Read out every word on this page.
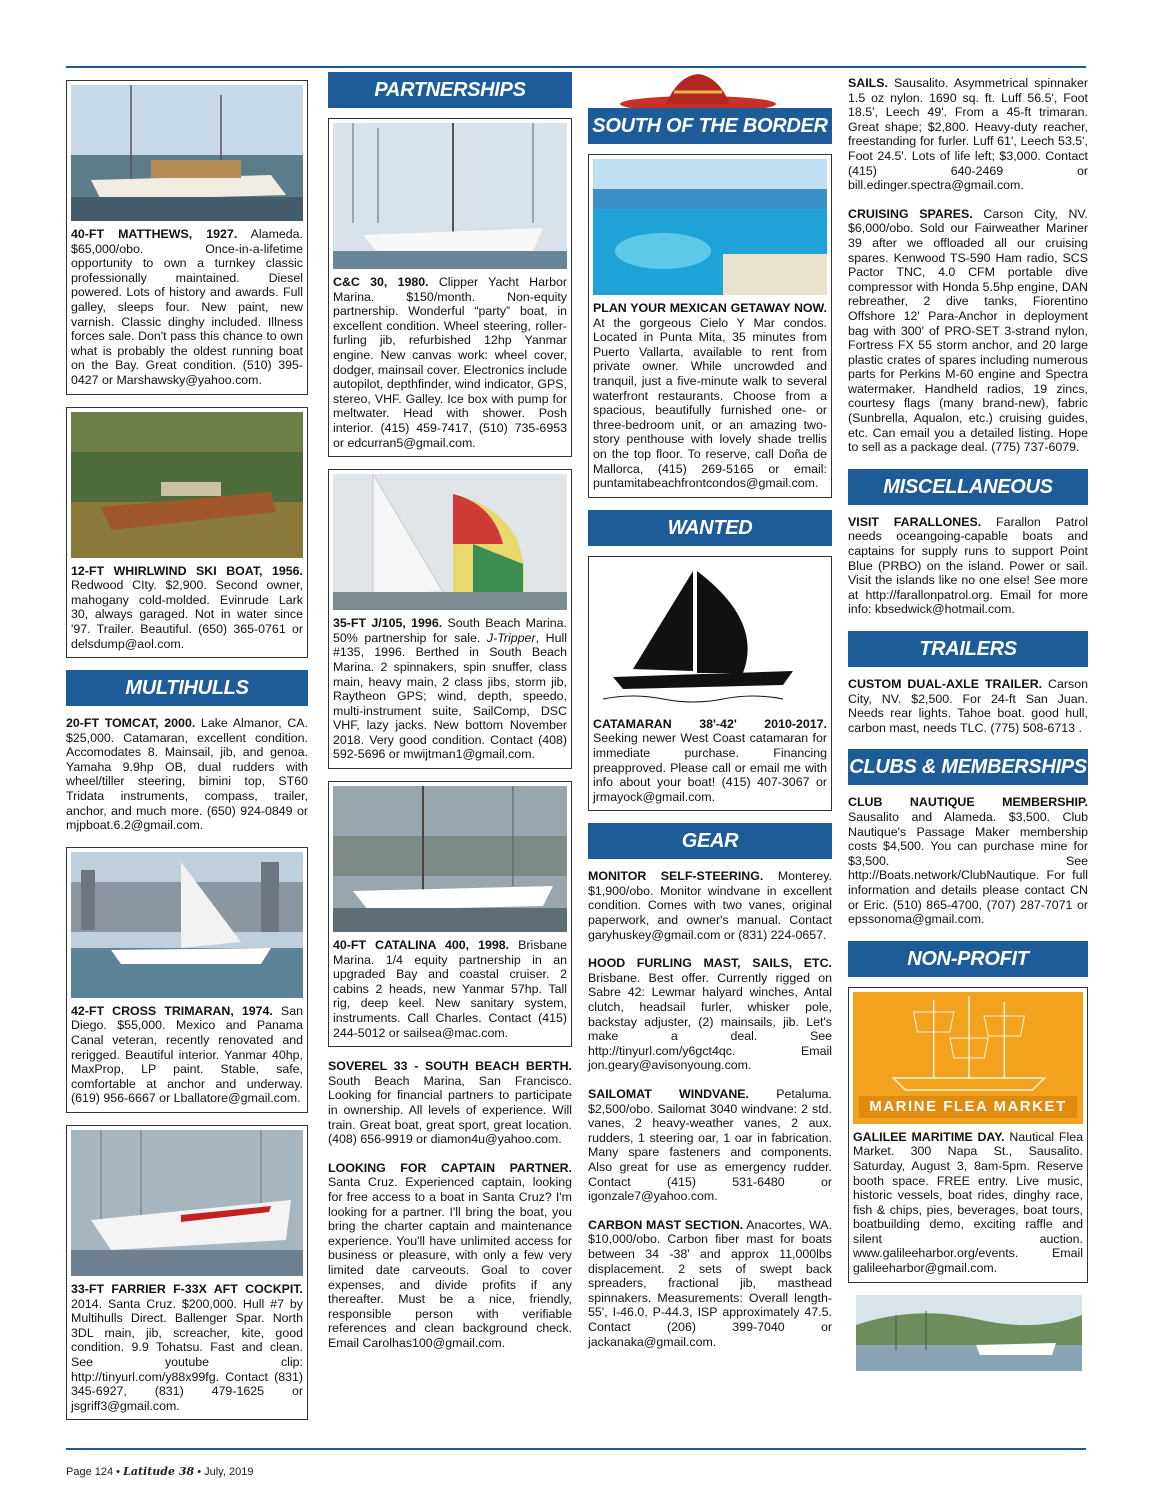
40-FT MATTHEWS, 1927. Alameda. $65,000/obo. Once-in-a-lifetime opportunity to own a turnkey classic professionally maintained. Diesel powered. Lots of history and awards. Full galley, sleeps four. New paint, new varnish. Classic dinghy included. Illness forces sale. Don't pass this chance to own what is probably the oldest running boat on the Bay. Great condition. (510) 395-0427 or Marshawsky@yahoo.com.

12-FT WHIRLWIND SKI BOAT, 1956. Redwood CIty. $2,900. Second owner, mahogany cold-molded. Evinrude Lark 30, always garaged. Not in water since '97. Trailer. Beautiful. (650) 365-0761 or delsdump@aol.com.

MULTIHULLS

20-FT TOMCAT, 2000. Lake Almanor, CA. $25,000. Catamaran, excellent condition. Accomodates 8. Mainsail, jib, and genoa. Yamaha 9.9hp OB, dual rudders with wheel/tiller steering, bimini top, ST60 Tridata instruments, compass, trailer, anchor, and much more. (650) 924-0849 or mjpboat.6.2@gmail.com.

42-FT CROSS TRIMARAN, 1974. San Diego. $55,000. Mexico and Panama Canal veteran, recently renovated and rerigged. Beautiful interior. Yanmar 40hp, MaxProp, LP paint. Stable, safe, comfortable at anchor and underway. (619) 956-6667 or Lballatore@gmail.com.

33-FT FARRIER F-33X AFT COCKPIT. 2014. Santa Cruz. $200,000. Hull #7 by Multihulls Direct. Ballenger Spar. North 3DL main, jib, screacher, kite, good condition. 9.9 Tohatsu. Fast and clean. See youtube clip: http://tinyurl.com/y88x99fg. Contact (831) 345-6927, (831) 479-1625 or jsgriff3@gmail.com.

PARTNERSHIPS

C&C 30, 1980. Clipper Yacht Harbor Marina. $150/month. Non-equity partnership. Wonderful “party” boat, in excellent condition. Wheel steering, roller-furling jib, refurbished 12hp Yanmar engine. New canvas work: wheel cover, dodger, mainsail cover. Electronics include autopilot, depthfinder, wind indicator, GPS, stereo, VHF. Galley. Ice box with pump for meltwater. Head with shower. Posh interior. (415) 459-7417, (510) 735-6953 or edcurran5@gmail.com.

35-FT J/105, 1996. South Beach Marina. 50% partnership for sale. J-Tripper, Hull #135, 1996. Berthed in South Beach Marina. 2 spinnakers, spin snuffer, class main, heavy main, 2 class jibs, storm jib, Raytheon GPS; wind, depth, speedo, multi-instrument suite, SailComp, DSC VHF, lazy jacks. New bottom November 2018. Very good condition. Contact (408) 592-5696 or mwijtman1@gmail.com.

40-FT CATALINA 400, 1998. Brisbane Marina. 1/4 equity partnership in an upgraded Bay and coastal cruiser. 2 cabins 2 heads, new Yanmar 57hp. Tall rig, deep keel. New sanitary system, instruments. Call Charles. Contact (415) 244-5012 or sailsea@mac.com.

SOVEREL 33 - SOUTH BEACH BERTH. South Beach Marina, San Francisco. Looking for financial partners to participate in ownership. All levels of experience. Will train. Great boat, great sport, great location. (408) 656-9919 or diamon4u@yahoo.com.

LOOKING FOR CAPTAIN PARTNER. Santa Cruz. Experienced captain, looking for free access to a boat in Santa Cruz? I'm looking for a partner. I'll bring the boat, you bring the charter captain and maintenance experience. You'll have unlimited access for business or pleasure, with only a few very limited date carveouts. Goal to cover expenses, and divide profits if any thereafter. Must be a nice, friendly, responsible person with verifiable references and clean background check. Email Carolhas100@gmail.com.

SOUTH OF THE BORDER

PLAN YOUR MEXICAN GETAWAY NOW. At the gorgeous Cielo Y Mar condos. Located in Punta Mita, 35 minutes from Puerto Vallarta, available to rent from private owner. While uncrowded and tranquil, just a five-minute walk to several waterfront restaurants. Choose from a spacious, beautifully furnished one- or three-bedroom unit, or an amazing two-story penthouse with lovely shade trellis on the top floor. To reserve, call Doña de Mallorca, (415) 269-5165 or email: puntamitabeachfrontcondos@gmail.com.

WANTED

CATAMARAN 38'-42' 2010-2017. Seeking newer West Coast catamaran for immediate purchase. Financing preapproved. Please call or email me with info about your boat! (415) 407-3067 or jrmayock@gmail.com.

GEAR

MONITOR SELF-STEERING. Monterey. $1,900/obo. Monitor windvane in excellent condition. Comes with two vanes, original paperwork, and owner's manual. Contact garyhuskey@gmail.com or (831) 224-0657.

HOOD FURLING MAST, SAILS, ETC. Brisbane. Best offer. Currently rigged on Sabre 42: Lewmar halyard winches, Antal clutch, headsail furler, whisker pole, backstay adjuster, (2) mainsails, jib. Let's make a deal. See http://tinyurl.com/y6gct4qc. Email jon.geary@avisonyoung.com.

SAILOMAT WINDVANE. Petaluma. $2,500/obo. Sailomat 3040 windvane: 2 std. vanes, 2 heavy-weather vanes, 2 aux. rudders, 1 steering oar, 1 oar in fabrication. Many spare fasteners and components. Also great for use as emergency rudder. Contact (415) 531-6480 or igonzale7@yahoo.com.

CARBON MAST SECTION. Anacortes, WA. $10,000/obo. Carbon fiber mast for boats between 34 -38' and approx 11,000lbs displacement. 2 sets of swept back spreaders, fractional jib, masthead spinnakers. Measurements: Overall length-55', I-46.0, P-44.3, ISP approximately 47.5. Contact (206) 399-7040 or jackanaka@gmail.com.

SAILS. Sausalito. Asymmetrical spinnaker 1.5 oz nylon. 1690 sq. ft. Luff 56.5', Foot 18.5', Leech 49'. From a 45-ft trimaran. Great shape; $2,800. Heavy-duty reacher, freestanding for furler. Luff 61', Leech 53.5', Foot 24.5'. Lots of life left; $3,000. Contact (415) 640-2469 or bill.edinger.spectra@gmail.com.

CRUISING SPARES. Carson City, NV. $6,000/obo. Sold our Fairweather Mariner 39 after we offloaded all our cruising spares. Kenwood TS-590 Ham radio, SCS Pactor TNC, 4.0 CFM portable dive compressor with Honda 5.5hp engine, DAN rebreather, 2 dive tanks, Fiorentino Offshore 12' Para-Anchor in deployment bag with 300' of PRO-SET 3-strand nylon, Fortress FX 55 storm anchor, and 20 large plastic crates of spares including numerous parts for Perkins M-60 engine and Spectra watermaker. Handheld radios, 19 zincs, courtesy flags (many brand-new), fabric (Sunbrella, Aqualon, etc.) cruising guides, etc. Can email you a detailed listing. Hope to sell as a package deal. (775) 737-6079.

MISCELLANEOUS

VISIT FARALLONES. Farallon Patrol needs oceangoing-capable boats and captains for supply runs to support Point Blue (PRBO) on the island. Power or sail. Visit the islands like no one else! See more at http://farallonpatrol.org. Email for more info: kbsedwick@hotmail.com.

TRAILERS

CUSTOM DUAL-AXLE TRAILER. Carson City, NV. $2,500. For 24-ft San Juan. Needs rear lights. Tahoe boat. good hull, carbon mast, needs TLC. (775) 508-6713 .

CLUBS & MEMBERSHIPS

CLUB NAUTIQUE MEMBERSHIP. Sausalito and Alameda. $3,500. Club Nautique's Passage Maker membership costs $4,500. You can purchase mine for $3,500. See http://Boats.network/ClubNautique. For full information and details please contact CN or Eric. (510) 865-4700, (707) 287-7071 or epssonoma@gmail.com.

NON-PROFIT
MARINE FLEA MARKET

GALILEE MARITIME DAY. Nautical Flea Market. 300 Napa St., Sausalito. Saturday, August 3, 8am-5pm. Reserve booth space. FREE entry. Live music, historic vessels, boat rides, dinghy race, fish & chips, pies, beverages, boat tours, boatbuilding demo, exciting raffle and silent auction. www.galileeharbor.org/events. Email galileeharbor@gmail.com.

Page 124 • Latitude 38 • July, 2019
